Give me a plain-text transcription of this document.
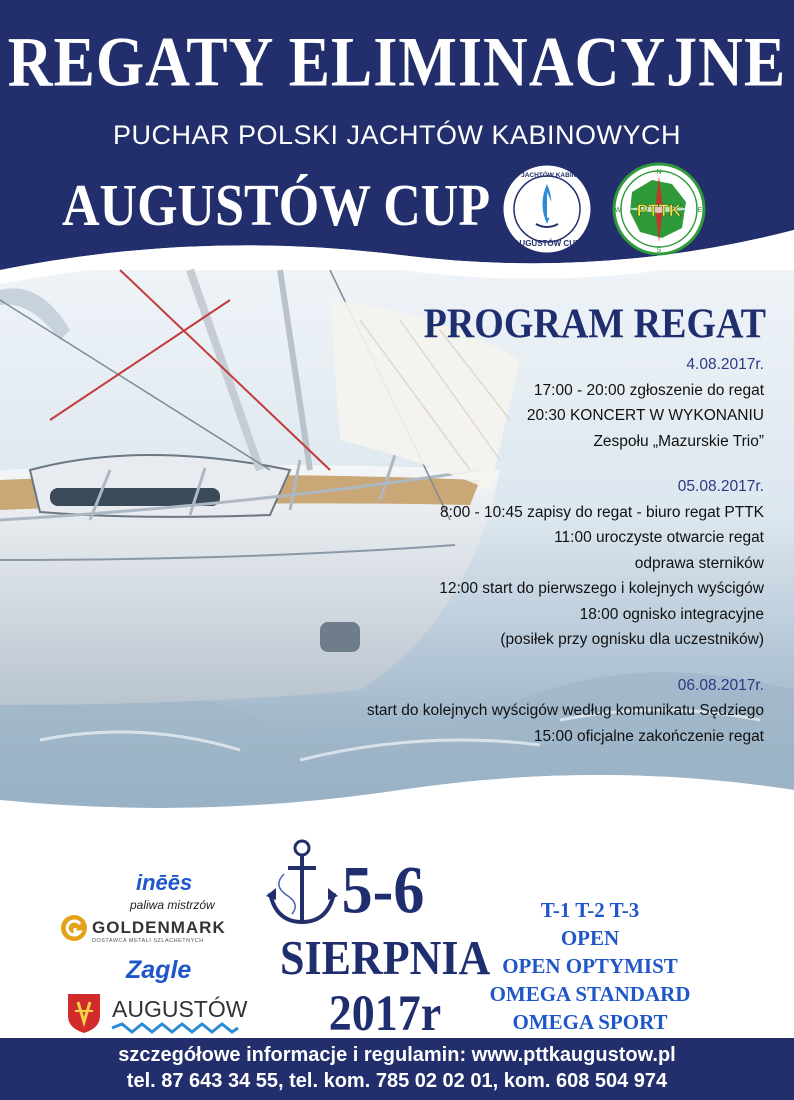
REGATY ELIMINACYJNE
PUCHAR POLSKI JACHTÓW KABINOWYCH
AUGUSTÓW CUP REGATY JACHTÓW KABINOWYCH
AUGUSTÓW CUP
PTTK
N
S
W	E
PROGRAM REGAT
4.08.2017r.
17:00 - 20:00 zgłoszenie do regat
20:30 KONCERT W WYKONANIU
Zespołu „Mazurskie Trio”
05.08.2017r.
8:00 - 10:45 zapisy do regat - biuro regat PTTK
11:00 uroczyste otwarcie regat
odprawa sterników
12:00 start do pierwszego i kolejnych wyścigów
18:00 ognisko integracyjne
(posiłek przy ognisku dla uczestników)
06.08.2017r.
start do kolejnych wyścigów według komunikatu Sędziego
15:00 oficjalne zakończenie regat
inēēs
paliwa mistrzów
GOLDENMARK
DOSTAWCA METALI SZLACHETNYCH
Zagle
AUGUSTÓW
5-6
SIERPNIA
2017r
T-1 T-2 T-3
OPEN
OPEN OPTYMIST
OMEGA STANDARD
OMEGA SPORT
szczegółowe informacje i regulamin: www.pttkaugustow.pl
tel. 87 643 34 55, tel. kom. 785 02 02 01, kom. 608 504 974
